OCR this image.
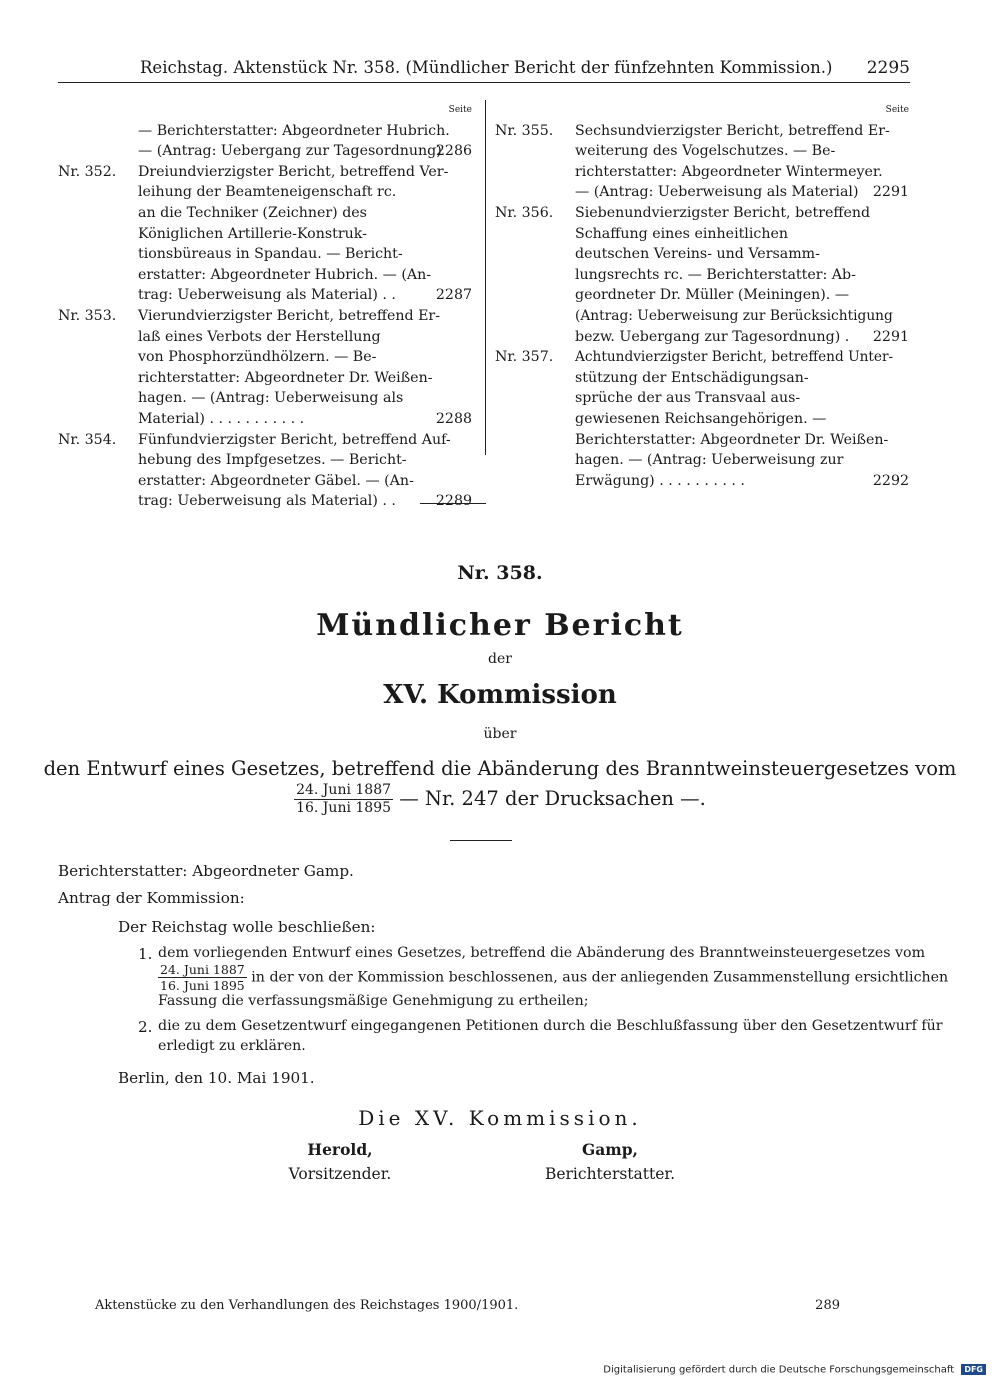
Reichstag. Aktenstück Nr. 358. (Mündlicher Bericht der fünfzehnten Kommission.) 2295
Seite
— Berichterstatter: Abgeordneter Hubrich.
— (Antrag: Uebergang zur Tagesordnung)
2286
Nr. 352.	Dreiundvierzigster Bericht, betreffend Ver-
leihung der Beamteneigenschaft rc.
an die Techniker (Zeichner) des
Königlichen Artillerie-Konstruk-
tionsbüreaus in Spandau. — Bericht-
erstatter: Abgeordneter Hubrich. — (An-
trag: Ueberweisung als Material) . .	2287
Nr. 353.	Vierundvierzigster Bericht, betreffend Er-
laß eines Verbots der Herstellung
von Phosphorzündhölzern. — Be-
richterstatter: Abgeordneter Dr. Weißen-
hagen. — (Antrag: Ueberweisung als
Material) . . . . . . . . . . .	2288
Nr. 354.	Fünfundvierzigster Bericht, betreffend Auf-
hebung des Impfgesetzes. — Bericht-
erstatter: Abgeordneter Gäbel. — (An-
trag: Ueberweisung als Material) . .	2289
Seite
Nr. 355.	Sechsundvierzigster Bericht, betreffend Er-
weiterung des Vogelschutzes. — Be-
richterstatter: Abgeordneter Wintermeyer.
— (Antrag: Ueberweisung als Material) 2291
Nr. 356.	Siebenundvierzigster Bericht, betreffend
Schaffung eines einheitlichen
deutschen Vereins- und Versamm-
lungsrechts rc. — Berichterstatter: Ab-
geordneter Dr. Müller (Meiningen). —
(Antrag: Ueberweisung zur Berücksichtigung
bezw. Uebergang zur Tagesordnung) . 2291
Nr. 357.	Achtundvierzigster Bericht, betreffend Unter-
stützung der Entschädigungsan-
sprüche der aus Transvaal aus-
gewiesenen Reichsangehörigen. —
Berichterstatter: Abgeordneter Dr. Weißen-
hagen. — (Antrag: Ueberweisung zur
Erwägung) . . . . . . . . . .	2292
Nr. 358.
Mündlicher Bericht
der
XV. Kommission
über
den Entwurf eines Gesetzes, betreffend die Abänderung des Branntweinsteuergesetzes vom
$\frac{\text{24. Juni 1887}}{\text{16. Juni 1895}}$ — Nr. 247 der Drucksachen —.
Berichterstatter: Abgeordneter Gamp.
Antrag der Kommission:
Der Reichstag wolle beschließen:
1. dem vorliegenden Entwurf eines Gesetzes, betreffend die Abänderung des Branntweinsteuergesetzes vom
$\frac{\text{24. Juni 1887}}{\text{16. Juni 1895}}$ in der von der Kommission beschlossenen, aus der anliegenden Zusammenstellung ersichtlichen
Fassung die verfassungsmäßige Genehmigung zu ertheilen;
2. die zu dem Gesetzentwurf eingegangenen Petitionen durch die Beschlußfassung über den Gesetzentwurf für
erledigt zu erklären.
Berlin, den 10. Mai 1901.
Die XV. Kommission.
Herold,
Vorsitzender.
Gamp,
Berichterstatter.
Aktenstücke zu den Verhandlungen des Reichstages 1900/1901.	289
Digitalisierung gefördert durch die Deutsche Forschungsgemeinschaft DFG
